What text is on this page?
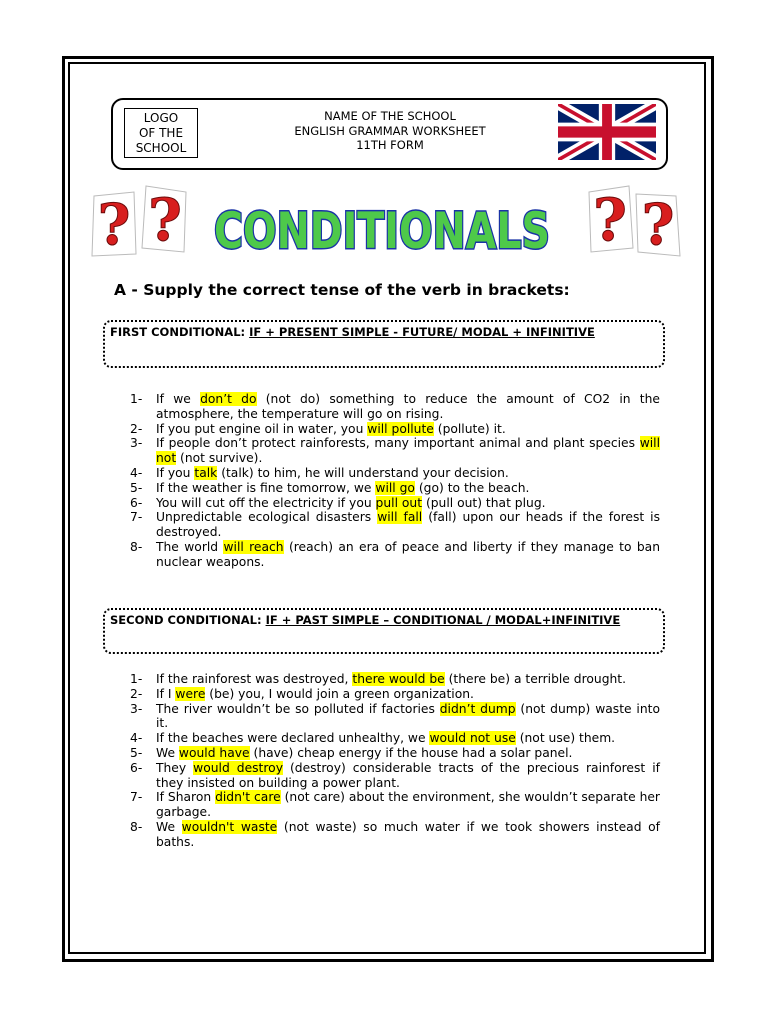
LOGO
OF THE
SCHOOL
NAME OF THE SCHOOL
ENGLISH GRAMMAR WORKSHEET
11TH FORM
? ?	? ?
CONDITIONALS
A - Supply the correct tense of the verb in brackets:
FIRST CONDITIONAL: IF + PRESENT SIMPLE - FUTURE/ MODAL + INFINITIVE
1-	If we don’t do (not do) something to reduce the amount of CO2 in the atmosphere, the temperature will go on rising.
2-	If you put engine oil in water, you will pollute (pollute) it.
3-	If people don’t protect rainforests, many important animal and plant species will not (not survive).
4-	If you talk (talk) to him, he will understand your decision.
5-	If the weather is fine tomorrow, we will go (go) to the beach.
6-	You will cut off the electricity if you pull out (pull out) that plug.
7-	Unpredictable ecological disasters will fall (fall) upon our heads if the forest is destroyed.
8-	The world will reach (reach) an era of peace and liberty if they manage to ban nuclear weapons.
SECOND CONDITIONAL: IF + PAST SIMPLE – CONDITIONAL / MODAL+INFINITIVE
1-	If the rainforest was destroyed, there would be (there be) a terrible drought.
2-	If I were (be) you, I would join a green organization.
3-	The river wouldn’t be so polluted if factories didn’t dump (not dump) waste into it.
4-	If the beaches were declared unhealthy, we would not use (not use) them.
5-	We would have (have) cheap energy if the house had a solar panel.
6-	They would destroy (destroy) considerable tracts of the precious rainforest if they insisted on building a power plant.
7-	If Sharon didn't care (not care) about the environment, she wouldn’t separate her garbage.
8-	We wouldn't waste (not waste) so much water if we took showers instead of baths.
